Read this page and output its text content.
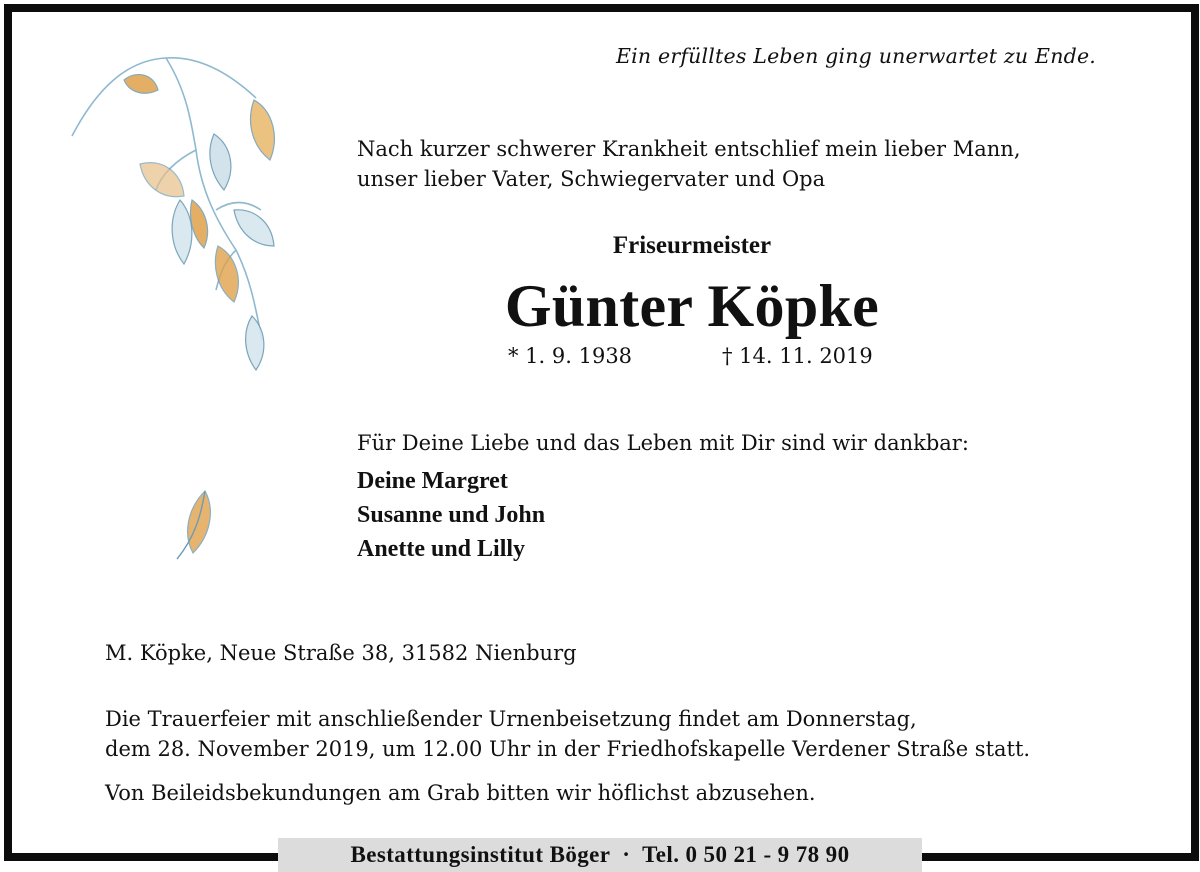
Ein erfülltes Leben ging unerwartet zu Ende.
Nach kurzer schwerer Krankheit entschlief mein lieber Mann,
unser lieber Vater, Schwiegervater und Opa
Friseurmeister
Günter Köpke
* 1. 9. 1938	† 14. 11. 2019
Für Deine Liebe und das Leben mit Dir sind wir dankbar:
Deine Margret
Susanne und John
Anette und Lilly
M. Köpke, Neue Straße 38, 31582 Nienburg
Die Trauerfeier mit anschließender Urnenbeisetzung findet am Donnerstag,
dem 28. November 2019, um 12.00 Uhr in der Friedhofskapelle Verdener Straße statt.
Von Beileidsbekundungen am Grab bitten wir höflichst abzusehen.
Bestattungsinstitut Böger  ·  Tel. 0 50 21 - 9 78 90
